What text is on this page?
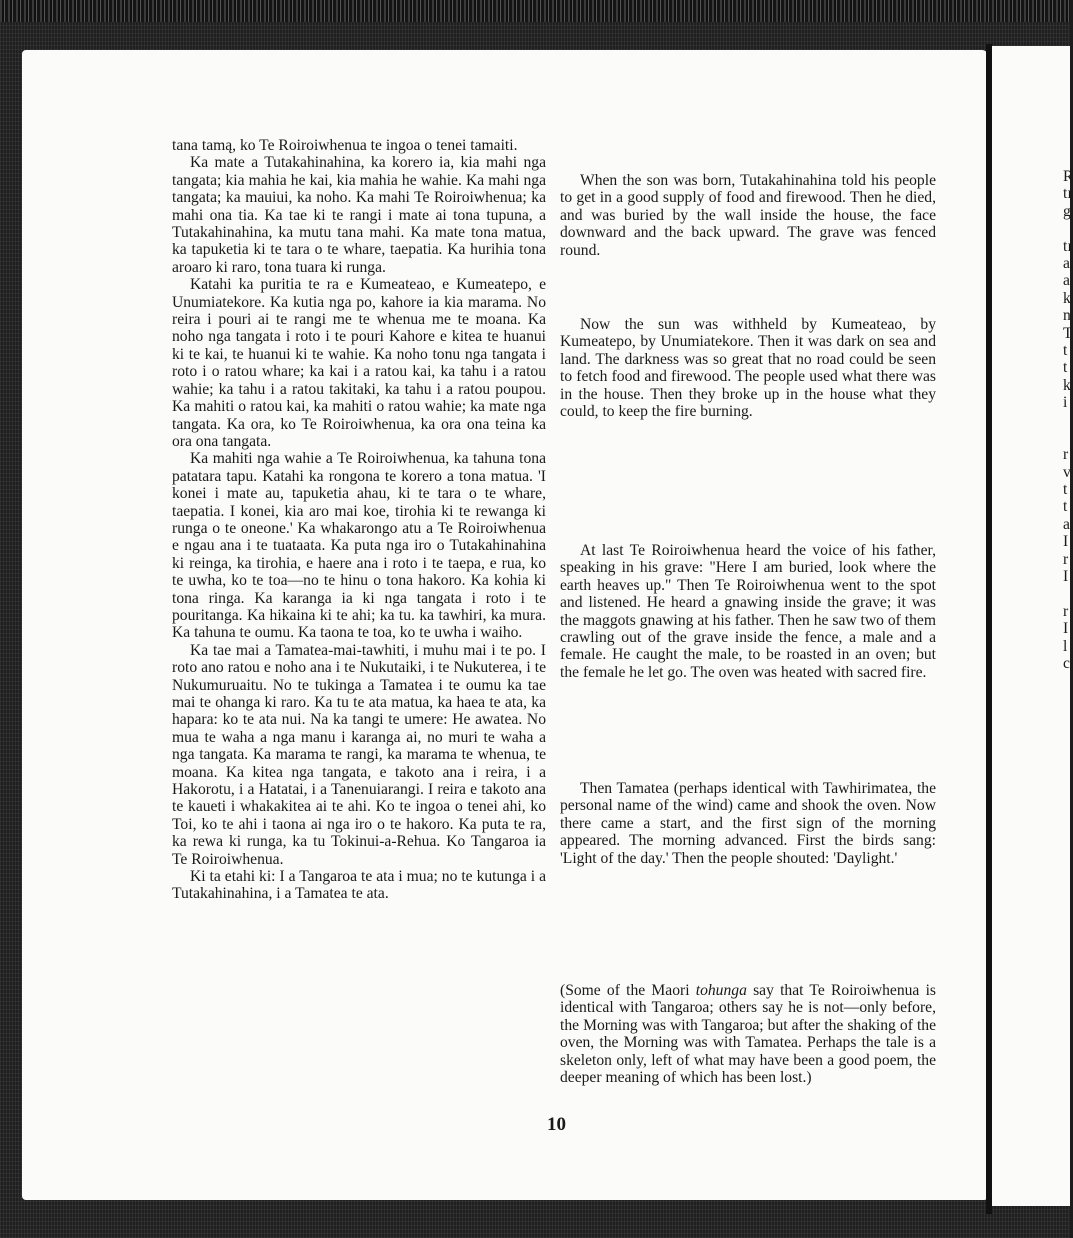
R
tı
g
tı
a
a
k
n
T
t
t
k
i
r
v
t
t
a
I
r
I
r
I
l
c

tana tamą, ko Te Roiroiwhenua te ingoa o tenei tamaiti.

Ka mate a Tutakahinahina, ka korero ia, kia mahi nga tangata; kia mahia he kai, kia mahia he wahie. Ka mahi nga tangata; ka mauiui, ka noho. Ka mahi Te Roiroiwhenua; ka mahi ona tia. Ka tae ki te rangi i mate ai tona tupuna, a Tutakahinahina, ka mutu tana mahi. Ka mate tona matua, ka tapuketia ki te tara o te whare, taepatia. Ka hurihia tona aroaro ki raro, tona tuara ki runga.

Katahi ka puritia te ra e Kumeateao, e Kumeatepo, e Unumiatekore. Ka kutia nga po, kahore ia kia marama. No reira i pouri ai te rangi me te whenua me te moana. Ka noho nga tangata i roto i te pouri Kahore e kitea te huanui ki te kai, te huanui ki te wahie. Ka noho tonu nga tangata i roto i o ratou whare; ka kai i a ratou kai, ka tahu i a ratou wahie; ka tahu i a ratou takitaki, ka tahu i a ratou poupou. Ka mahiti o ratou kai, ka mahiti o ratou wahie; ka mate nga tangata. Ka ora, ko Te Roiroiwhenua, ka ora ona teina ka ora ona tangata.

Ka mahiti nga wahie a Te Roiroiwhenua, ka tahuna tona patatara tapu. Katahi ka rongona te korero a tona matua. 'I konei i mate au, tapuketia ahau, ki te tara o te whare, taepatia. I konei, kia aro mai koe, tirohia ki te rewanga ki runga o te oneone.' Ka whakarongo atu a Te Roiroiwhenua e ngau ana i te tuataata. Ka puta nga iro o Tutakahinahina ki reinga, ka tirohia, e haere ana i roto i te taepa, e rua, ko te uwha, ko te toa—no te hinu o tona hakoro. Ka kohia ki tona ringa. Ka karanga ia ki nga tangata i roto i te pouritanga. Ka hikaina ki te ahi; ka tu. ka tawhiri, ka mura. Ka tahuna te oumu. Ka taona te toa, ko te uwha i waiho.

Ka tae mai a Tamatea-mai-tawhiti, i muhu mai i te po. I roto ano ratou e noho ana i te Nukutaiki, i te Nukuterea, i te Nukumuruaitu. No te tukinga a Tamatea i te oumu ka tae mai te ohanga ki raro. Ka tu te ata matua, ka haea te ata, ka hapara: ko te ata nui. Na ka tangi te umere: He awatea. No mua te waha a nga manu i karanga ai, no muri te waha a nga tangata. Ka marama te rangi, ka marama te whenua, te moana. Ka kitea nga tangata, e takoto ana i reira, i a Hakorotu, i a Hatatai, i a Tanenuiarangi. I reira e takoto ana te kaueti i whakakitea ai te ahi. Ko te ingoa o tenei ahi, ko Toi, ko te ahi i taona ai nga iro o te hakoro. Ka puta te ra, ka rewa ki runga, ka tu Tokinui-a-Rehua. Ko Tangaroa ia Te Roiroiwhenua.

Ki ta etahi ki: I a Tangaroa te ata i mua; no te kutunga i a Tutakahinahina, i a Tamatea te ata.

When the son was born, Tutakahinahina told his people to get in a good supply of food and firewood. Then he died, and was buried by the wall inside the house, the face downward and the back upward. The grave was fenced round.

Now the sun was withheld by Kumeateao, by Kumeatepo, by Unumiatekore. Then it was dark on sea and land. The darkness was so great that no road could be seen to fetch food and firewood. The people used what there was in the house. Then they broke up in the house what they could, to keep the fire burning.

At last Te Roiroiwhenua heard the voice of his father, speaking in his grave: "Here I am buried, look where the earth heaves up." Then Te Roiroiwhenua went to the spot and listened. He heard a gnawing inside the grave; it was the maggots gnawing at his father. Then he saw two of them crawling out of the grave inside the fence, a male and a female. He caught the male, to be roasted in an oven; but the female he let go. The oven was heated with sacred fire.

Then Tamatea (perhaps identical with Tawhirimatea, the personal name of the wind) came and shook the oven. Now there came a start, and the first sign of the morning appeared. The morning advanced. First the birds sang: 'Light of the day.' Then the people shouted: 'Daylight.'

(Some of the Maori tohunga say that Te Roiroiwhenua is identical with Tangaroa; others say he is not—only before, the Morning was with Tangaroa; but after the shaking of the oven, the Morning was with Tamatea. Perhaps the tale is a skeleton only, left of what may have been a good poem, the deeper meaning of which has been lost.)

10
